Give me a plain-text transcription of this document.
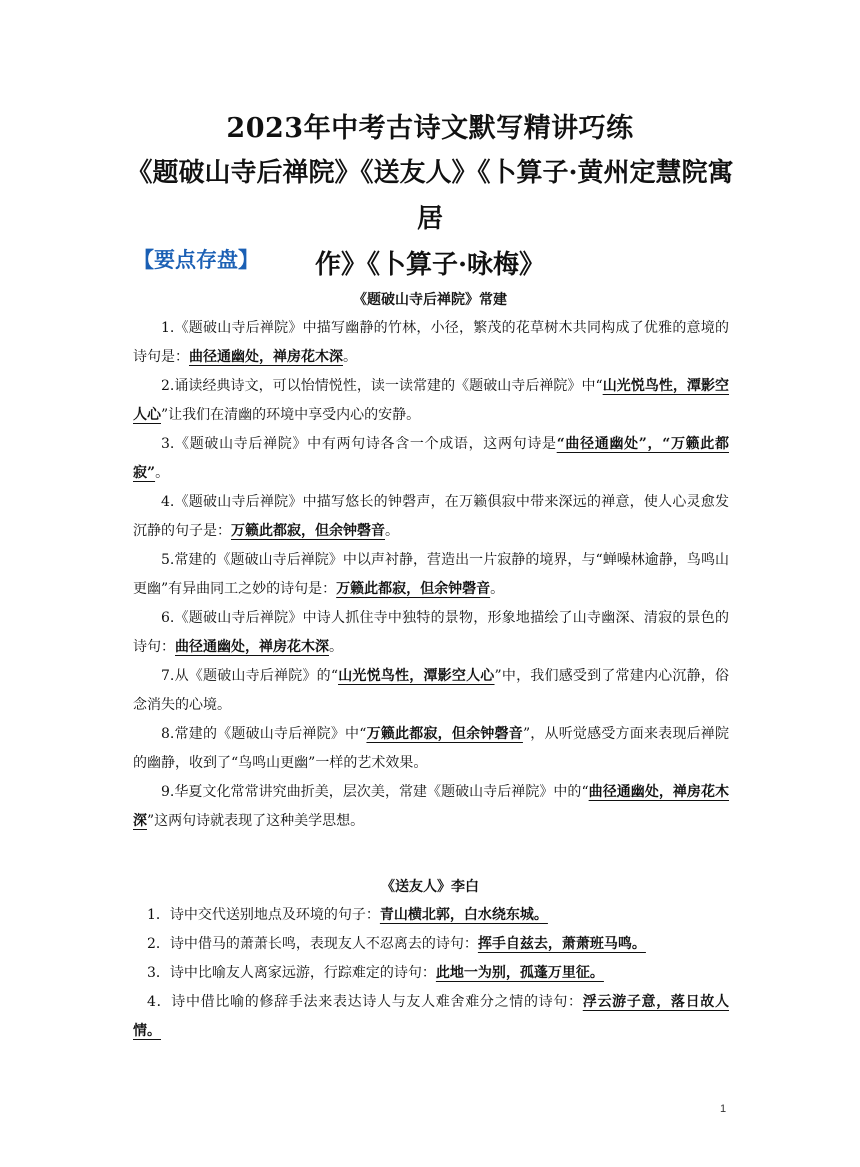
2023年中考古诗文默写精讲巧练
《题破山寺后禅院》《送友人》《卜算子·黄州定慧院寓居
作》《卜算子·咏梅》
【要点存盘】
《题破山寺后禅院》常建
1.《题破山寺后禅院》中描写幽静的竹林，小径，繁茂的花草树木共同构成了优雅的意境的诗句是：曲径通幽处，禅房花木深。
2.诵读经典诗文，可以怡情悦性，读一读常建的《题破山寺后禅院》中“山光悦鸟性，潭影空人心”让我们在清幽的环境中享受内心的安静。
3.《题破山寺后禅院》中有两句诗各含一个成语，这两句诗是“曲径通幽处”，“万籁此都寂”。
4.《题破山寺后禅院》中描写悠长的钟磬声，在万籁俱寂中带来深远的禅意，使人心灵愈发沉静的句子是：万籁此都寂，但余钟磬音。
5.常建的《题破山寺后禅院》中以声衬静，营造出一片寂静的境界，与“蝉噪林逾静，鸟鸣山更幽”有异曲同工之妙的诗句是：万籁此都寂，但余钟磬音。
6.《题破山寺后禅院》中诗人抓住寺中独特的景物，形象地描绘了山寺幽深、清寂的景色的诗句：曲径通幽处，禅房花木深。
7.从《题破山寺后禅院》的“山光悦鸟性，潭影空人心”中，我们感受到了常建内心沉静，俗念消失的心境。
8.常建的《题破山寺后禅院》中“万籁此都寂，但余钟磬音”，从听觉感受方面来表现后禅院的幽静，收到了“鸟鸣山更幽”一样的艺术效果。
9.华夏文化常常讲究曲折美，层次美，常建《题破山寺后禅院》中的“曲径通幽处，禅房花木深”这两句诗就表现了这种美学思想。
《送友人》李白
1．诗中交代送别地点及环境的句子：青山横北郭，白水绕东城。
2．诗中借马的萧萧长鸣，表现友人不忍离去的诗句：挥手自兹去，萧萧班马鸣。
3．诗中比喻友人离家远游，行踪难定的诗句：此地一为别，孤蓬万里征。
4．诗中借比喻的修辞手法来表达诗人与友人难舍难分之情的诗句：浮云游子意，落日故人情。
1
